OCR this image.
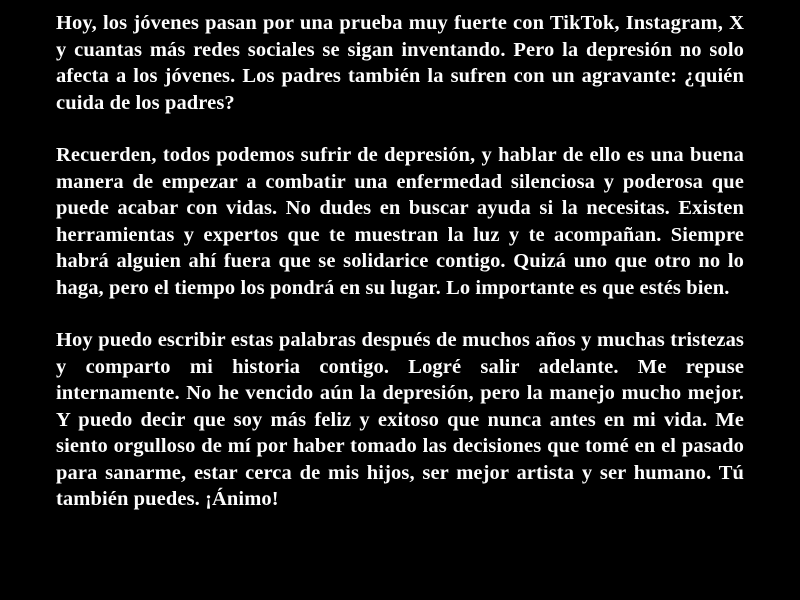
Hoy, los jóvenes pasan por una prueba muy fuerte con TikTok, Instagram, X y cuantas más redes sociales se sigan inventando. Pero la depresión no solo afecta a los jóvenes. Los padres también la sufren con un agravante: ¿quién cuida de los padres?

Recuerden, todos podemos sufrir de depresión, y hablar de ello es una buena manera de empezar a combatir una enfermedad silenciosa y poderosa que puede acabar con vidas. No dudes en buscar ayuda si la necesitas. Existen herramientas y expertos que te muestran la luz y te acompañan. Siempre habrá alguien ahí fuera que se solidarice contigo. Quizá uno que otro no lo haga, pero el tiempo los pondrá en su lugar. Lo importante es que estés bien.

Hoy puedo escribir estas palabras después de muchos años y muchas tristezas y comparto mi historia contigo. Logré salir adelante. Me repuse internamente. No he vencido aún la depresión, pero la manejo mucho mejor. Y puedo decir que soy más feliz y exitoso que nunca antes en mi vida. Me siento orgulloso de mí por haber tomado las decisiones que tomé en el pasado para sanarme, estar cerca de mis hijos, ser mejor artista y ser humano. Tú también puedes. ¡Ánimo!
